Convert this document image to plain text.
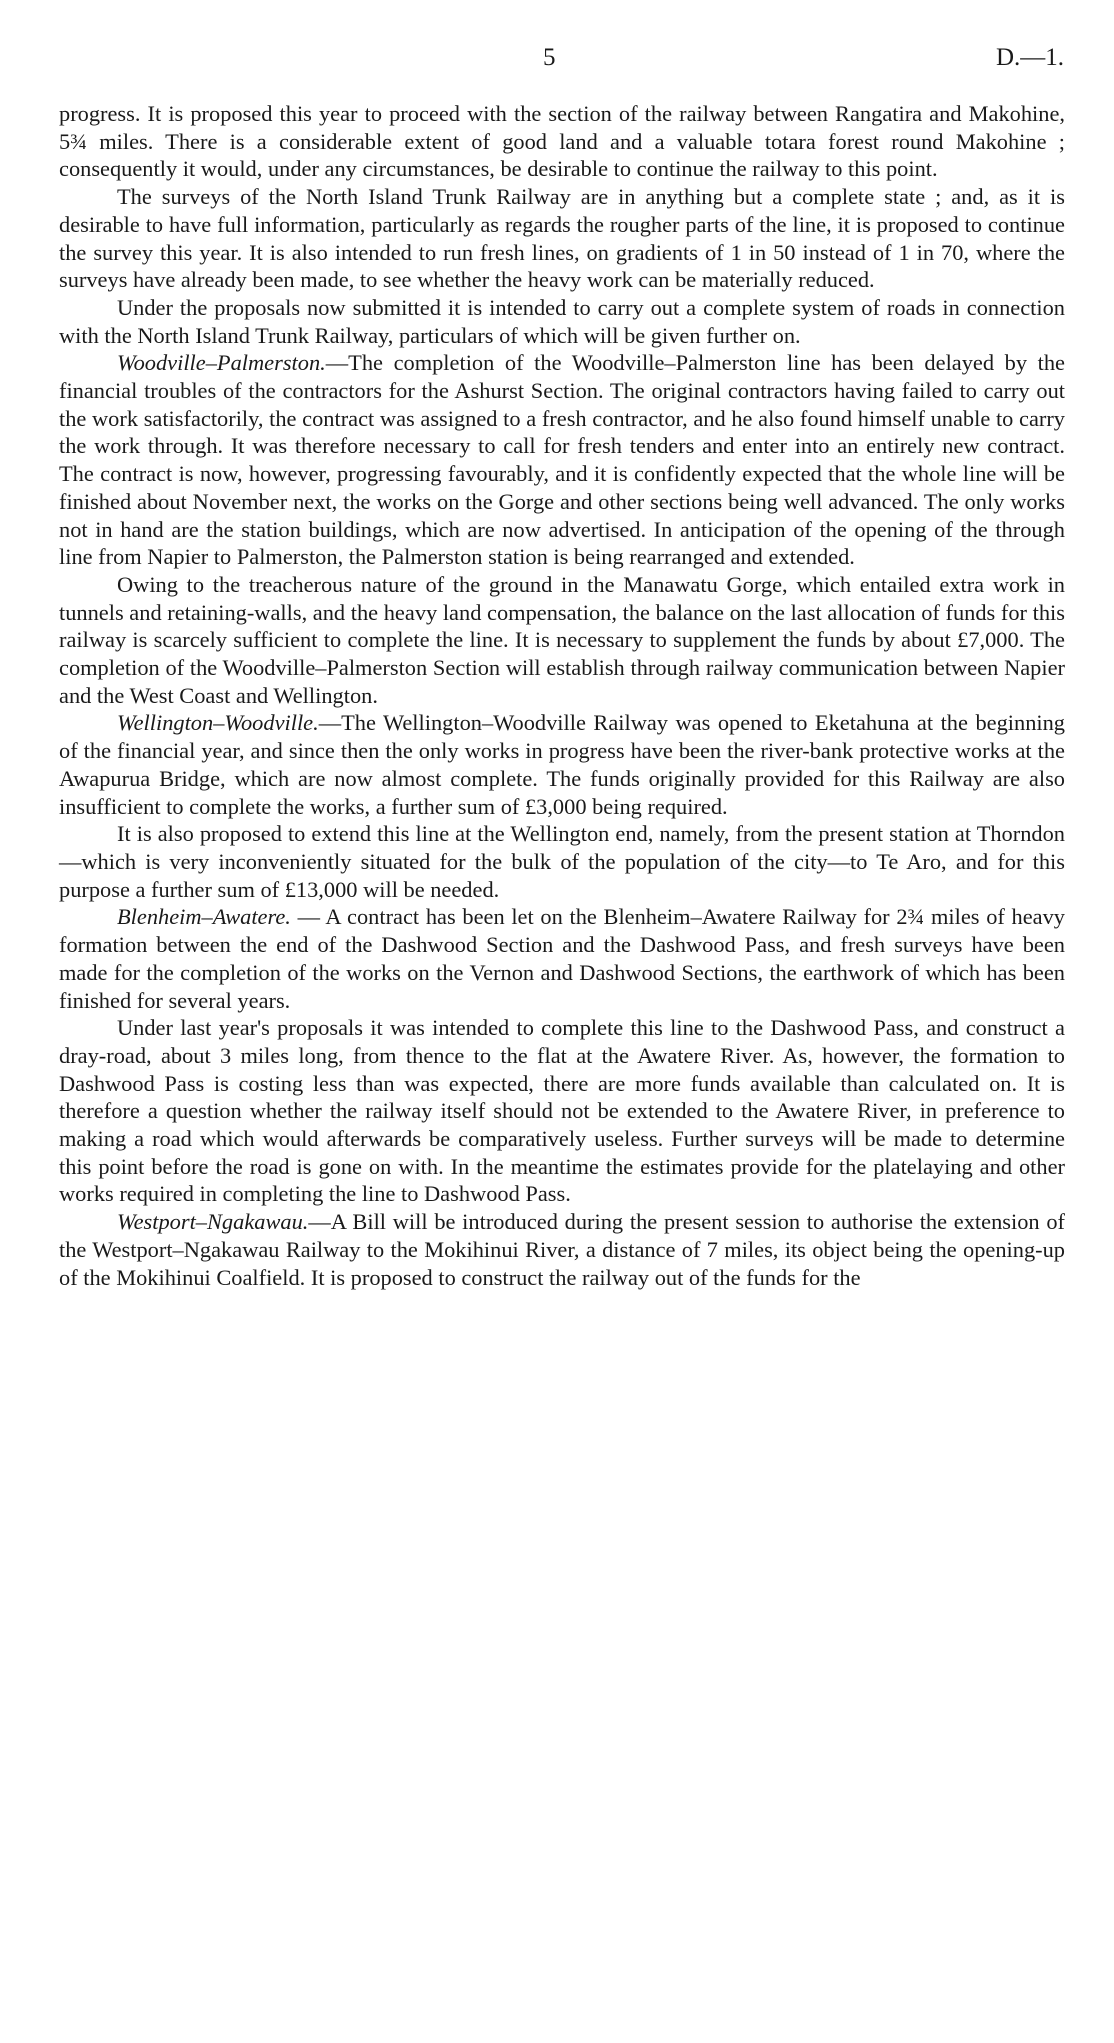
5	D.—1.

progress. It is proposed this year to proceed with the section of the railway between Rangatira and Makohine, 5¾ miles. There is a considerable extent of good land and a valuable totara forest round Makohine ; consequently it would, under any circumstances, be desirable to continue the railway to this point.

The surveys of the North Island Trunk Railway are in anything but a complete state ; and, as it is desirable to have full information, particularly as regards the rougher parts of the line, it is proposed to continue the survey this year. It is also intended to run fresh lines, on gradients of 1 in 50 instead of 1 in 70, where the surveys have already been made, to see whether the heavy work can be materially reduced.

Under the proposals now submitted it is intended to carry out a complete system of roads in connection with the North Island Trunk Railway, particulars of which will be given further on.

Woodville–Palmerston.—The completion of the Woodville–Palmerston line has been delayed by the financial troubles of the contractors for the Ashurst Section. The original contractors having failed to carry out the work satisfactorily, the contract was assigned to a fresh contractor, and he also found himself unable to carry the work through. It was therefore necessary to call for fresh tenders and enter into an entirely new contract. The contract is now, however, progressing favourably, and it is confidently expected that the whole line will be finished about November next, the works on the Gorge and other sections being well advanced. The only works not in hand are the station buildings, which are now advertised. In anticipation of the opening of the through line from Napier to Palmerston, the Palmerston station is being rearranged and extended.

Owing to the treacherous nature of the ground in the Manawatu Gorge, which entailed extra work in tunnels and retaining-walls, and the heavy land compensation, the balance on the last allocation of funds for this railway is scarcely sufficient to complete the line. It is necessary to supplement the funds by about £7,000. The completion of the Woodville–Palmerston Section will establish through railway communication between Napier and the West Coast and Wellington.

Wellington–Woodville.—The Wellington–Woodville Railway was opened to Eketahuna at the beginning of the financial year, and since then the only works in progress have been the river-bank protective works at the Awapurua Bridge, which are now almost complete. The funds originally provided for this Railway are also insufficient to complete the works, a further sum of £3,000 being required.

It is also proposed to extend this line at the Wellington end, namely, from the present station at Thorndon—which is very inconveniently situated for the bulk of the population of the city—to Te Aro, and for this purpose a further sum of £13,000 will be needed.

Blenheim–Awatere. — A contract has been let on the Blenheim–Awatere Railway for 2¾ miles of heavy formation between the end of the Dashwood Section and the Dashwood Pass, and fresh surveys have been made for the completion of the works on the Vernon and Dashwood Sections, the earthwork of which has been finished for several years.

Under last year's proposals it was intended to complete this line to the Dashwood Pass, and construct a dray-road, about 3 miles long, from thence to the flat at the Awatere River. As, however, the formation to Dashwood Pass is costing less than was expected, there are more funds available than calculated on. It is therefore a question whether the railway itself should not be extended to the Awatere River, in preference to making a road which would afterwards be comparatively useless. Further surveys will be made to determine this point before the road is gone on with. In the meantime the estimates provide for the platelaying and other works required in completing the line to Dashwood Pass.

Westport–Ngakawau.—A Bill will be introduced during the present session to authorise the extension of the Westport–Ngakawau Railway to the Mokihinui River, a distance of 7 miles, its object being the opening-up of the Mokihinui Coalfield. It is proposed to construct the railway out of the funds for the
